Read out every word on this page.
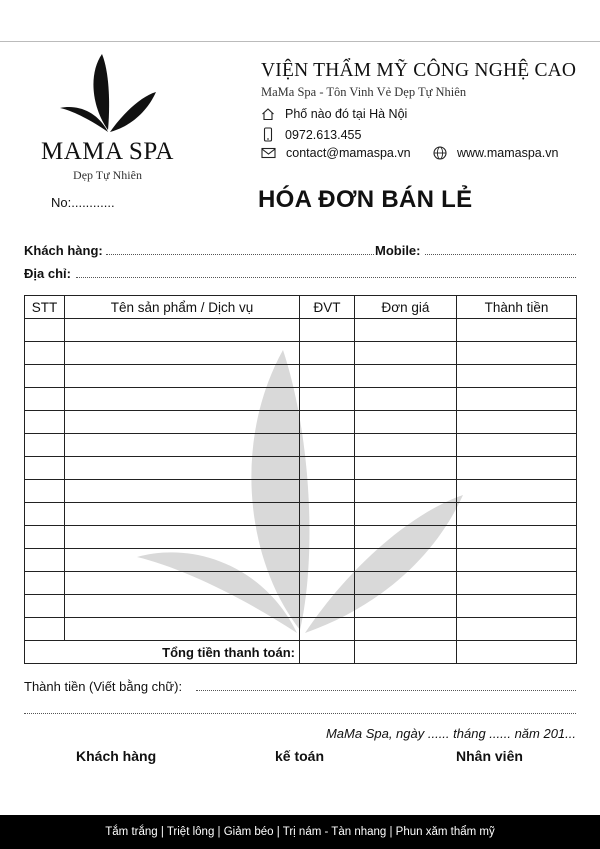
MAMA SPA
Dẹp Tự Nhiên
VIỆN THẨM MỸ CÔNG NGHỆ CAO
MaMa Spa - Tôn Vinh Vẻ Dẹp Tự Nhiên
Phố nào đó tại Hà Nội
0972.613.455
contact@mamaspa.vn	www.mamaspa.vn
No:............	HÓA ĐƠN BÁN LẺ
Khách hàng:	Mobile:
Địa chỉ:
STT	Tên sản phẩm / Dịch vụ	ĐVT	Đơn giá	Thành tiền

Tổng tiền thanh toán:				
Thành tiền (Viết bằng chữ):
MaMa Spa, ngày ...... tháng ...... năm 201...
Khách hàng	kế toán	Nhân viên
Tắm trắng | Triệt lông | Giảm béo | Trị nám - Tàn nhang | Phun xăm thẩm mỹ
